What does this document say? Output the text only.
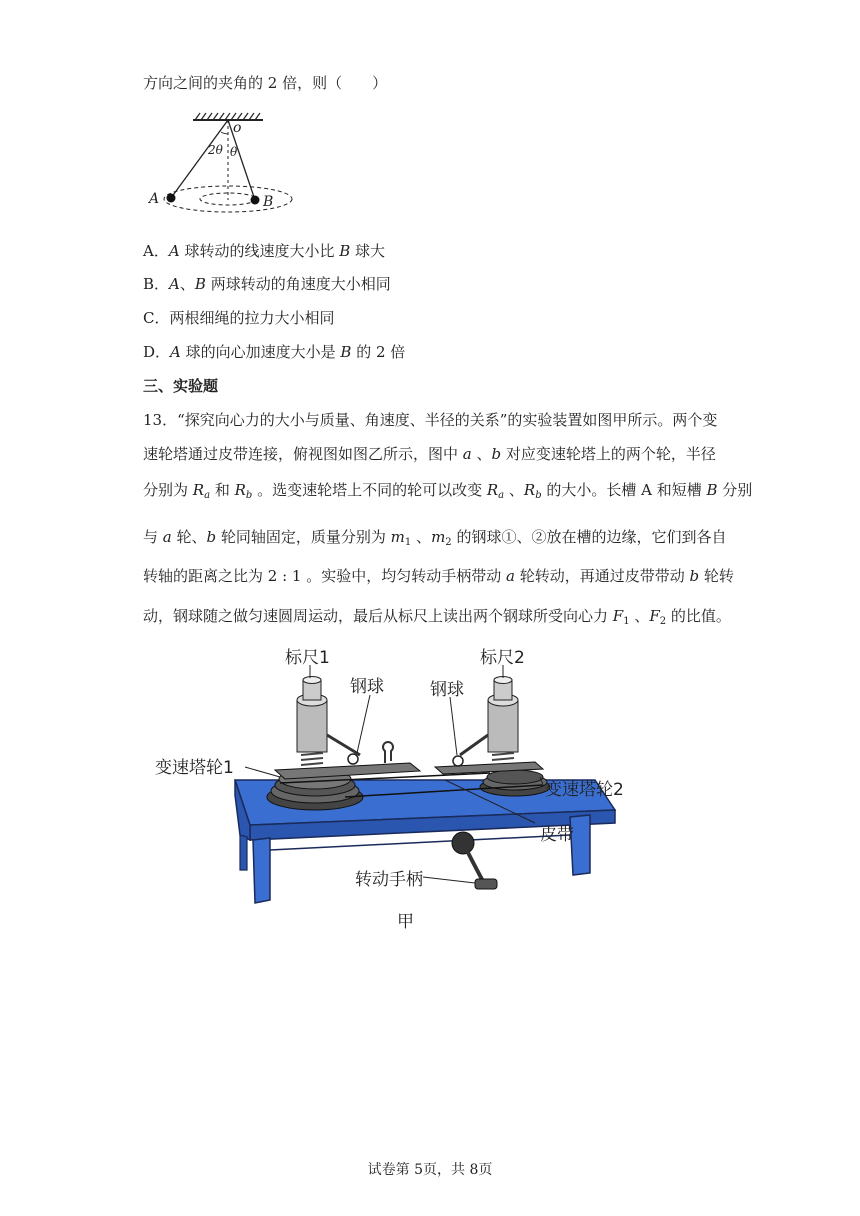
方向之间的夹角的 2 倍，则（　　）
o
2θ θ
A	B
A．A 球转动的线速度大小比 B 球大
B．A、B 两球转动的角速度大小相同
C．两根细绳的拉力大小相同
D．A 球的向心加速度大小是 B 的 2 倍
三、实验题
13．“探究向心力的大小与质量、角速度、半径的关系”的实验装置如图甲所示。两个变
速轮塔通过皮带连接，俯视图如图乙所示，图中 a 、b 对应变速轮塔上的两个轮，半径
分别为 $R_a$ 和 $R_b$ 。选变速轮塔上不同的轮可以改变 $R_a$ 、$R_b$ 的大小。长槽 A 和短槽 B 分别
与 a 轮、b 轮同轴固定，质量分别为 $m_1$ 、$m_2$ 的钢球①、②放在槽的边缘，它们到各自
转轴的距离之比为 2 : 1 。实验中，均匀转动手柄带动 a 轮转动，再通过皮带带动 b 轮转
动，钢球随之做匀速圆周运动，最后从标尺上读出两个钢球所受向心力 $F_1$ 、$F_2$ 的比值。
标尺1	标尺2
钢球	钢球
变速塔轮1
变速塔轮2
皮带
转动手柄
甲
试卷第 5页，共 8页
